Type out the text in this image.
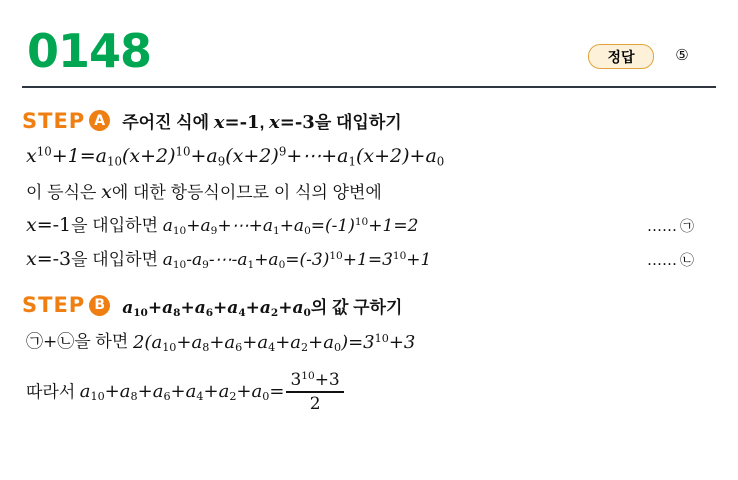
0148	정답	⑤
STEP A 주어진 식에 x=-1, x=-3을 대입하기
$x^{10}+1=a_{10}(x+2)^{10}+a_9(x+2)^9+\cdots+a_1(x+2)+a_0$
이 등식은 x에 대한 항등식이므로 이 식의 양변에
x=-1을 대입하면 $a_{10}+a_9+\cdots+a_1+a_0=(-1)^{10}+1=2$	…… ㉠
x=-3을 대입하면 $a_{10}-a_9-\cdots-a_1+a_0=(-3)^{10}+1=3^{10}+1$	…… ㉡
STEP B	$a_{10}+a_8+a_6+a_4+a_2+a_0$의 값 구하기
㉠+㉡을 하면 $2(a_{10}+a_8+a_6+a_4+a_2+a_0)=3^{10}+3$
따라서 $a_{10}+a_8+a_6+a_4+a_2+a_0= \frac{3^{10}+3}{2}$
